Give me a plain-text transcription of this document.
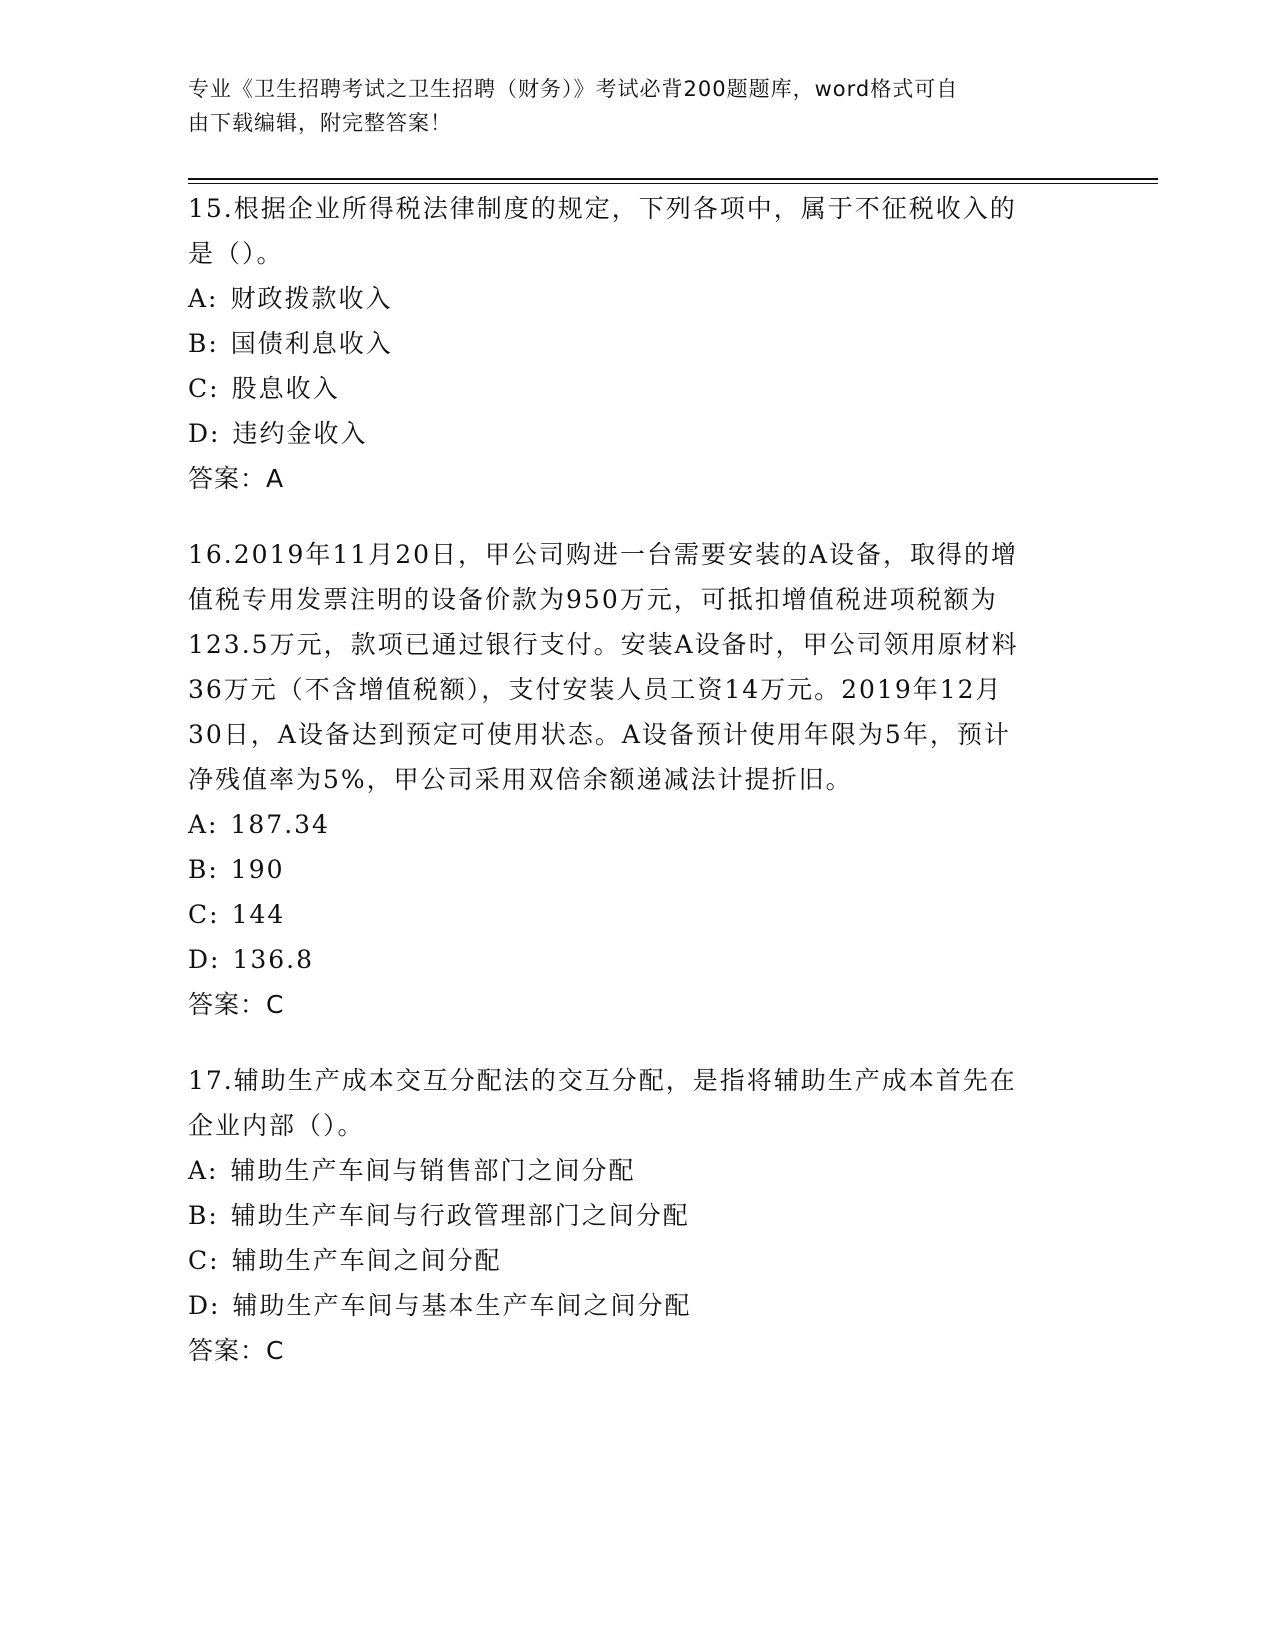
专业《卫生招聘考试之卫生招聘（财务）》考试必背200题题库，word格式可自
由下载编辑，附完整答案！

15.根据企业所得税法律制度的规定，下列各项中，属于不征税收入的

是（）。

A: 财政拨款收入

B: 国债利息收入

C: 股息收入

D: 违约金收入

答案：A

16.2019年11月20日，甲公司购进一台需要安装的A设备，取得的增

值税专用发票注明的设备价款为950万元，可抵扣增值税进项税额为

123.5万元，款项已通过银行支付。安装A设备时，甲公司领用原材料

36万元（不含增值税额），支付安装人员工资14万元。2019年12月

30日，A设备达到预定可使用状态。A设备预计使用年限为5年，预计

净残值率为5%，甲公司采用双倍余额递减法计提折旧。

A: 187.34

B: 190

C: 144

D: 136.8

答案：C

17.辅助生产成本交互分配法的交互分配，是指将辅助生产成本首先在

企业内部（）。

A: 辅助生产车间与销售部门之间分配

B: 辅助生产车间与行政管理部门之间分配

C: 辅助生产车间之间分配

D: 辅助生产车间与基本生产车间之间分配

答案：C
